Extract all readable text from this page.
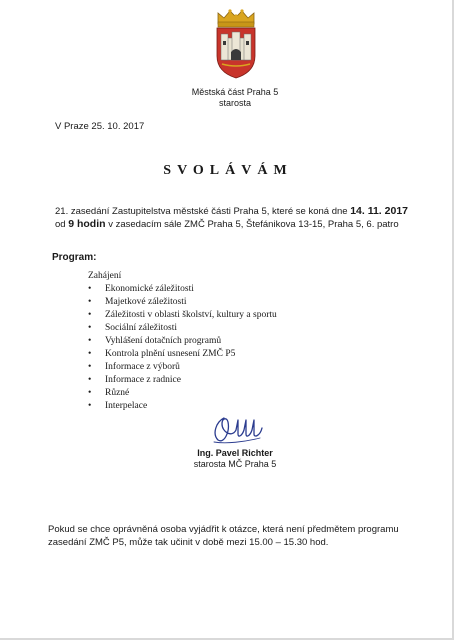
Městská část Praha 5
starosta
V Praze 25. 10. 2017
SVOLÁVÁM
21. zasedání Zastupitelstva městské části Praha 5, které se koná dne 14. 11. 2017
od 9 hodin v zasedacím sále ZMČ Praha 5, Štefánikova 13-15, Praha 5, 6. patro
Program:
Zahájení
• Ekonomické záležitosti
• Majetkové záležitosti
• Záležitosti v oblasti školství, kultury a sportu
• Sociální záležitosti
• Vyhlášení dotačních programů
• Kontrola plnění usnesení ZMČ P5
• Informace z výborů
• Informace z radnice
• Různé
• Interpelace
Ing. Pavel Richter
starosta MČ Praha 5
Pokud se chce oprávněná osoba vyjádřit k otázce, která není předmětem programu zasedání ZMČ P5, může tak učinit v době mezi 15.00 – 15.30 hod.
